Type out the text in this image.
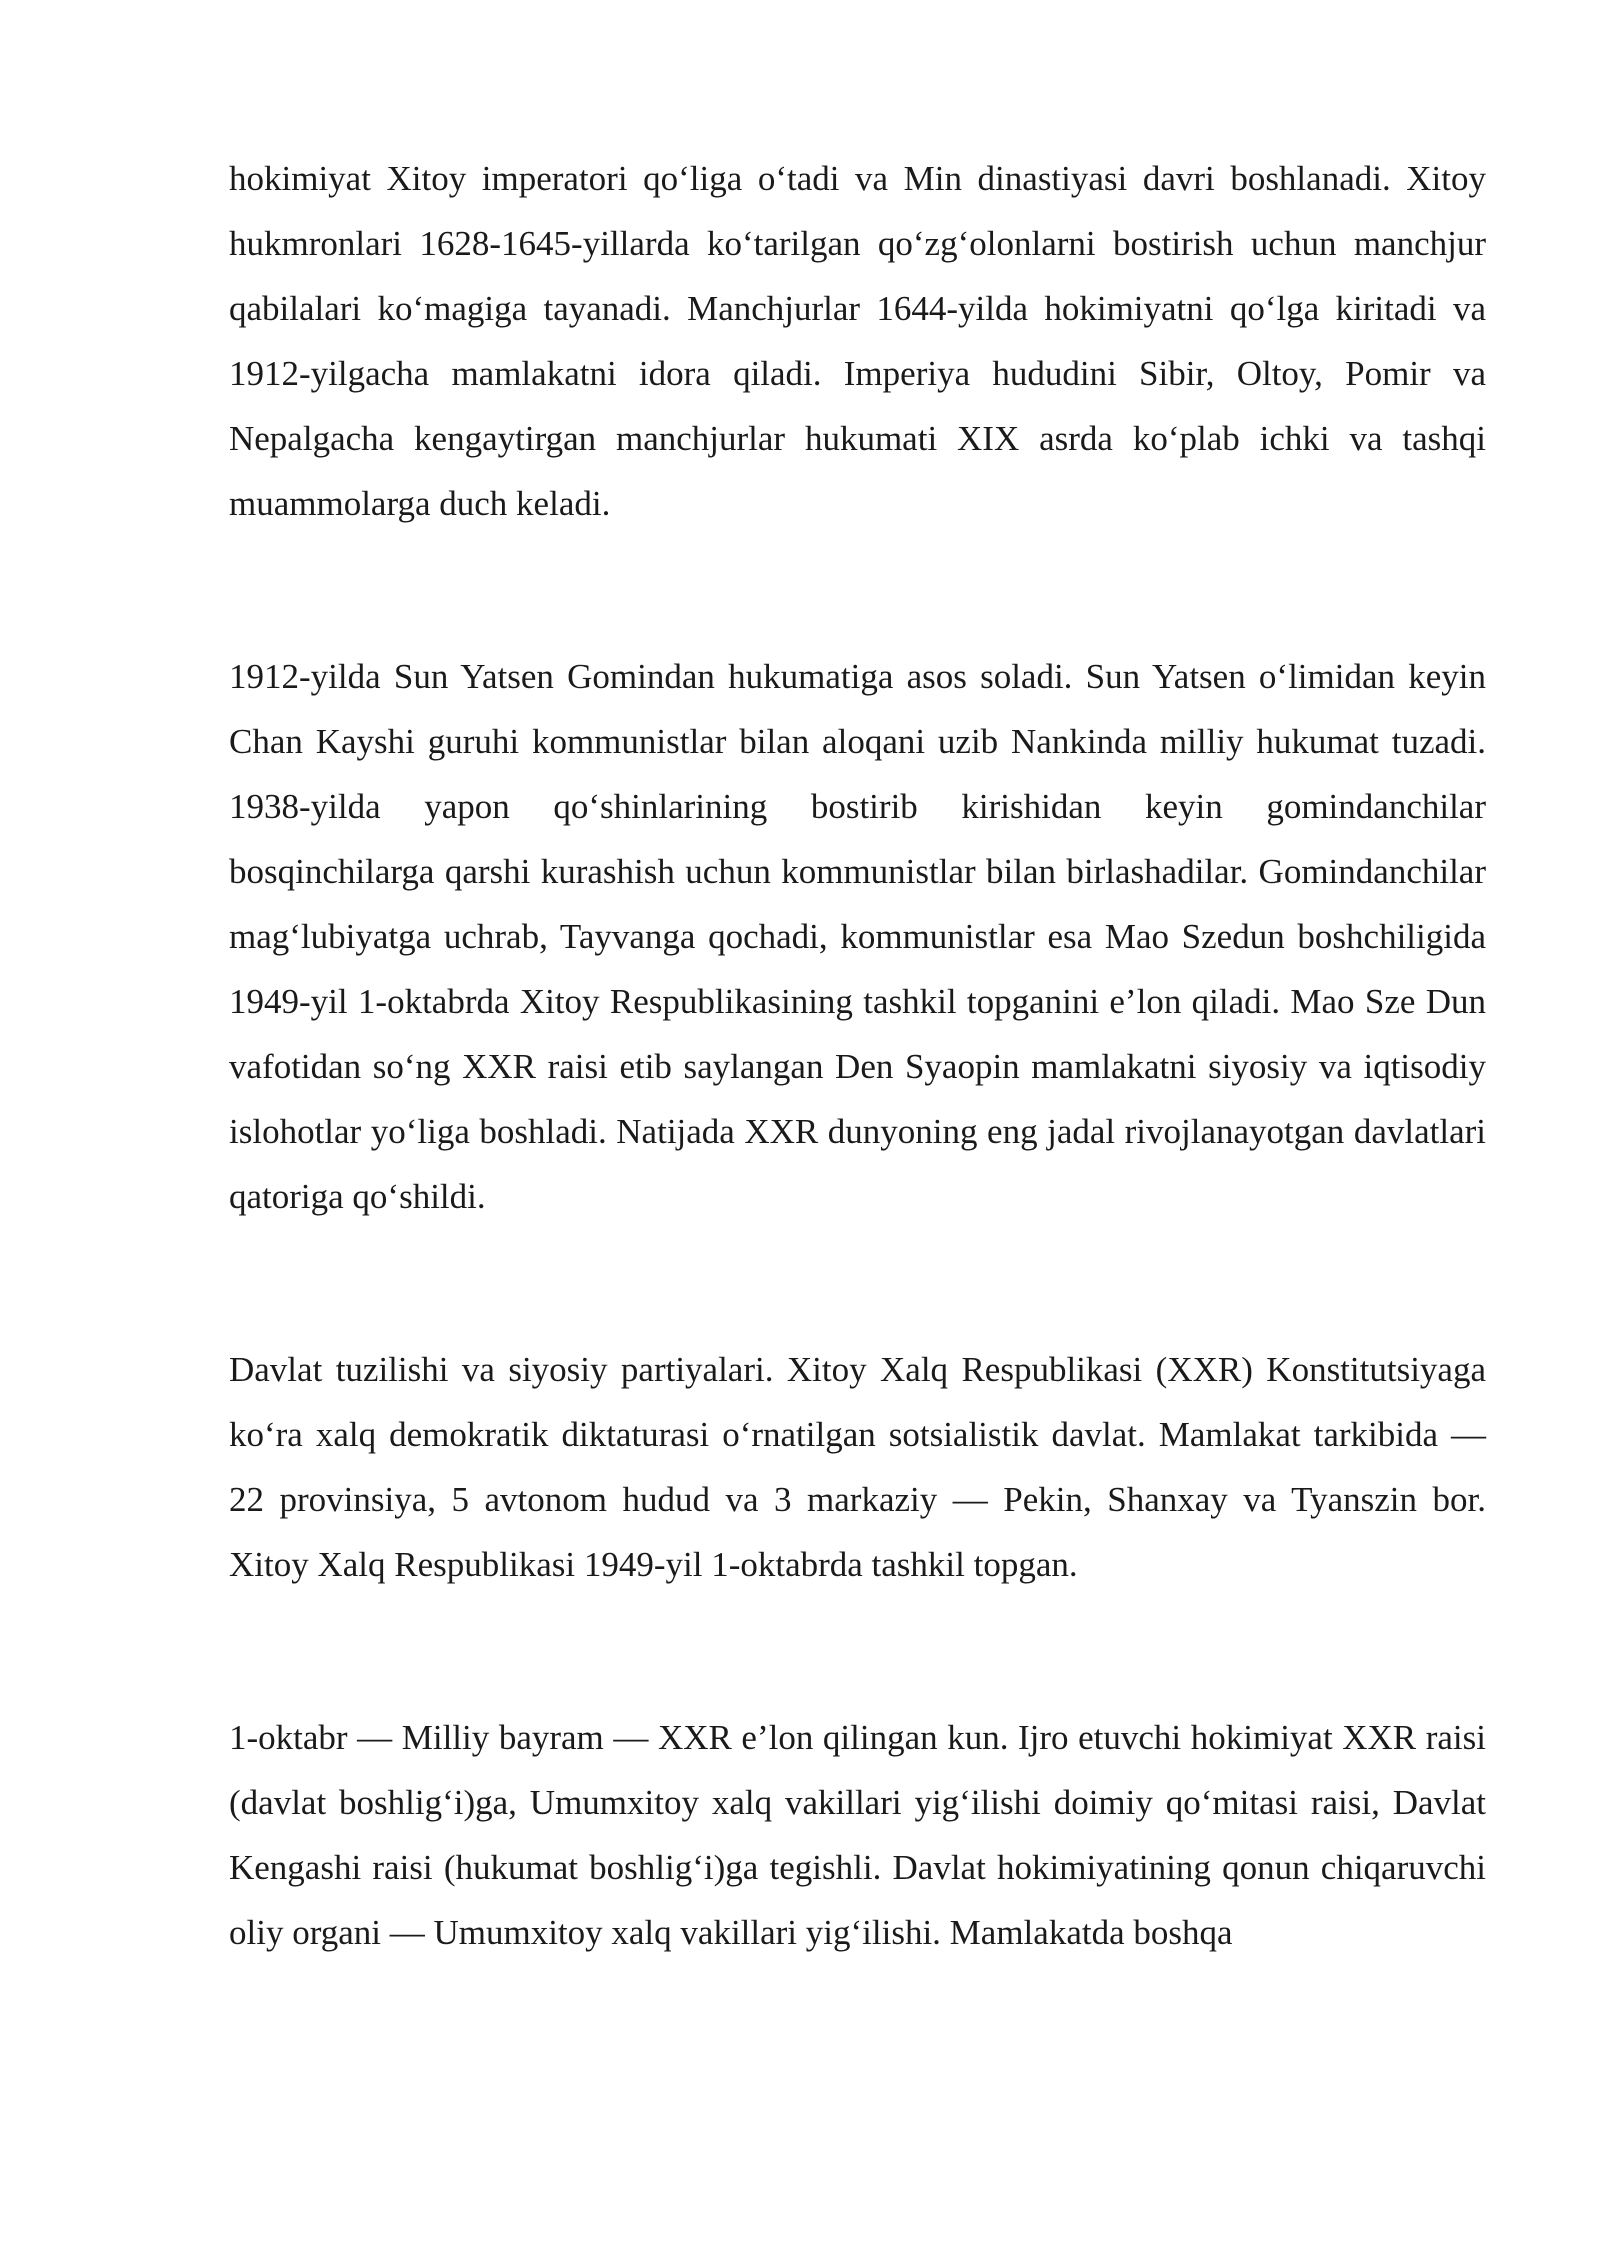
hokimiyat Xitoy imperatori qo‘liga o‘tadi va Min dinastiyasi davri boshlanadi. Xitoy hukmronlari 1628-1645-yillarda ko‘tarilgan qo‘zg‘olonlarni bostirish uchun manchjur qabilalari ko‘magiga tayanadi. Manchjurlar 1644-yilda hokimiyatni qo‘lga kiritadi va 1912-yilgacha mamlakatni idora qiladi. Imperiya hududini Sibir, Oltoy, Pomir va Nepalgacha kengaytirgan manchjurlar hukumati XIX asrda ko‘plab ichki va tashqi muammolarga duch keladi.

1912-yilda Sun Yatsen Gomindan hukumatiga asos soladi. Sun Yatsen o‘limidan keyin Chan Kayshi guruhi kommunistlar bilan aloqani uzib Nankinda milliy hukumat tuzadi. 1938-yilda yapon qo‘shinlarining bostirib kirishidan keyin gomindanchilar bosqinchilarga qarshi kurashish uchun kommunistlar bilan birlashadilar. Gomindanchilar mag‘lubiyatga uchrab, Tayvanga qochadi, kommunistlar esa Mao Szedun boshchiligida 1949-yil 1-oktabrda Xitoy Respublikasining tashkil topganini e’lon qiladi. Mao Sze Dun vafotidan so‘ng XXR raisi etib saylangan Den Syaopin mamlakatni siyosiy va iqtisodiy islohotlar yo‘liga boshladi. Natijada XXR dunyoning eng jadal rivojlanayotgan davlatlari qatoriga qo‘shildi.

Davlat tuzilishi va siyosiy partiyalari. Xitoy Xalq Respublikasi (XXR) Konstitutsiyaga ko‘ra xalq demokratik diktaturasi o‘rnatilgan sotsialistik davlat. Mamlakat tarkibida — 22 provinsiya, 5 avtonom hudud va 3 markaziy — Pekin, Shanxay va Tyanszin bor. Xitoy Xalq Respublikasi 1949-yil 1-oktabrda tashkil topgan.

1-oktabr — Milliy bayram — XXR e’lon qilingan kun. Ijro etuvchi hokimiyat XXR raisi (davlat boshlig‘i)ga, Umumxitoy xalq vakillari yig‘ilishi doimiy qo‘mitasi raisi, Davlat Kengashi raisi (hukumat boshlig‘i)ga tegishli. Davlat hokimiyatining qonun chiqaruvchi oliy organi — Umumxitoy xalq vakillari yig‘ilishi. Mamlakatda boshqa
